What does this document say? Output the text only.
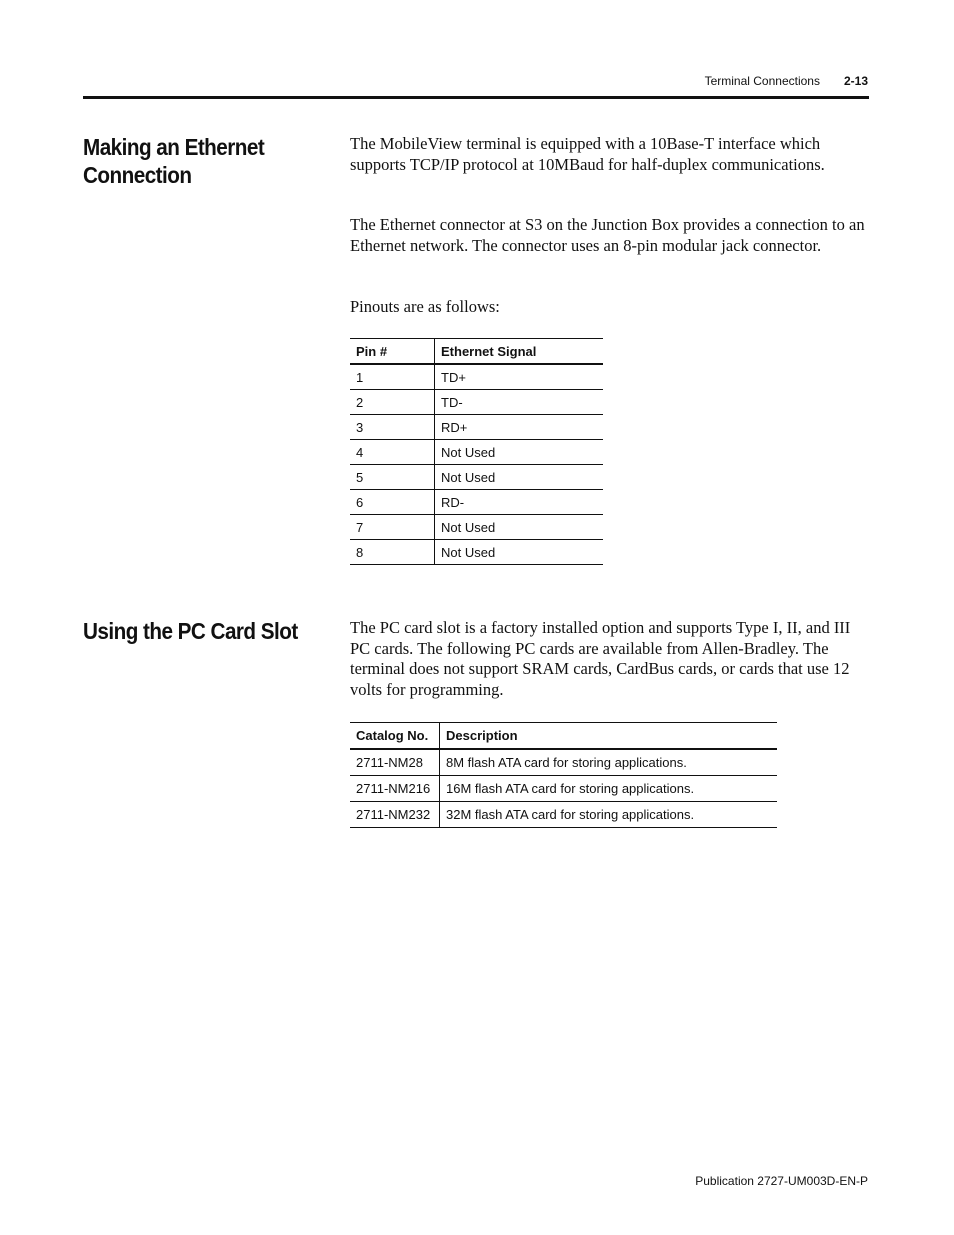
Terminal Connections 2-13
Making an Ethernet
Connection

The MobileView terminal is equipped with a 10Base-T interface which supports TCP/IP protocol at 10MBaud for half-duplex communications.

The Ethernet connector at S3 on the Junction Box provides a connection to an Ethernet network. The connector uses an 8-pin modular jack connector.

Pinouts are as follows:

Pin #	Ethernet Signal
1	TD+
2	TD-
3	RD+
4	Not Used
5	Not Used
6	RD-
7	Not Used
8	Not Used
Using the PC Card Slot	The PC card slot is a factory installed option and supports Type I, II, and III PC cards. The following PC cards are available from Allen-Bradley. The terminal does not support SRAM cards, CardBus cards, or cards that use 12 volts for programming.

Catalog No.	Description
2711-NM28	8M flash ATA card for storing applications.
2711-NM216	16M flash ATA card for storing applications.
2711-NM232	32M flash ATA card for storing applications.
Publication 2727-UM003D-EN-P
